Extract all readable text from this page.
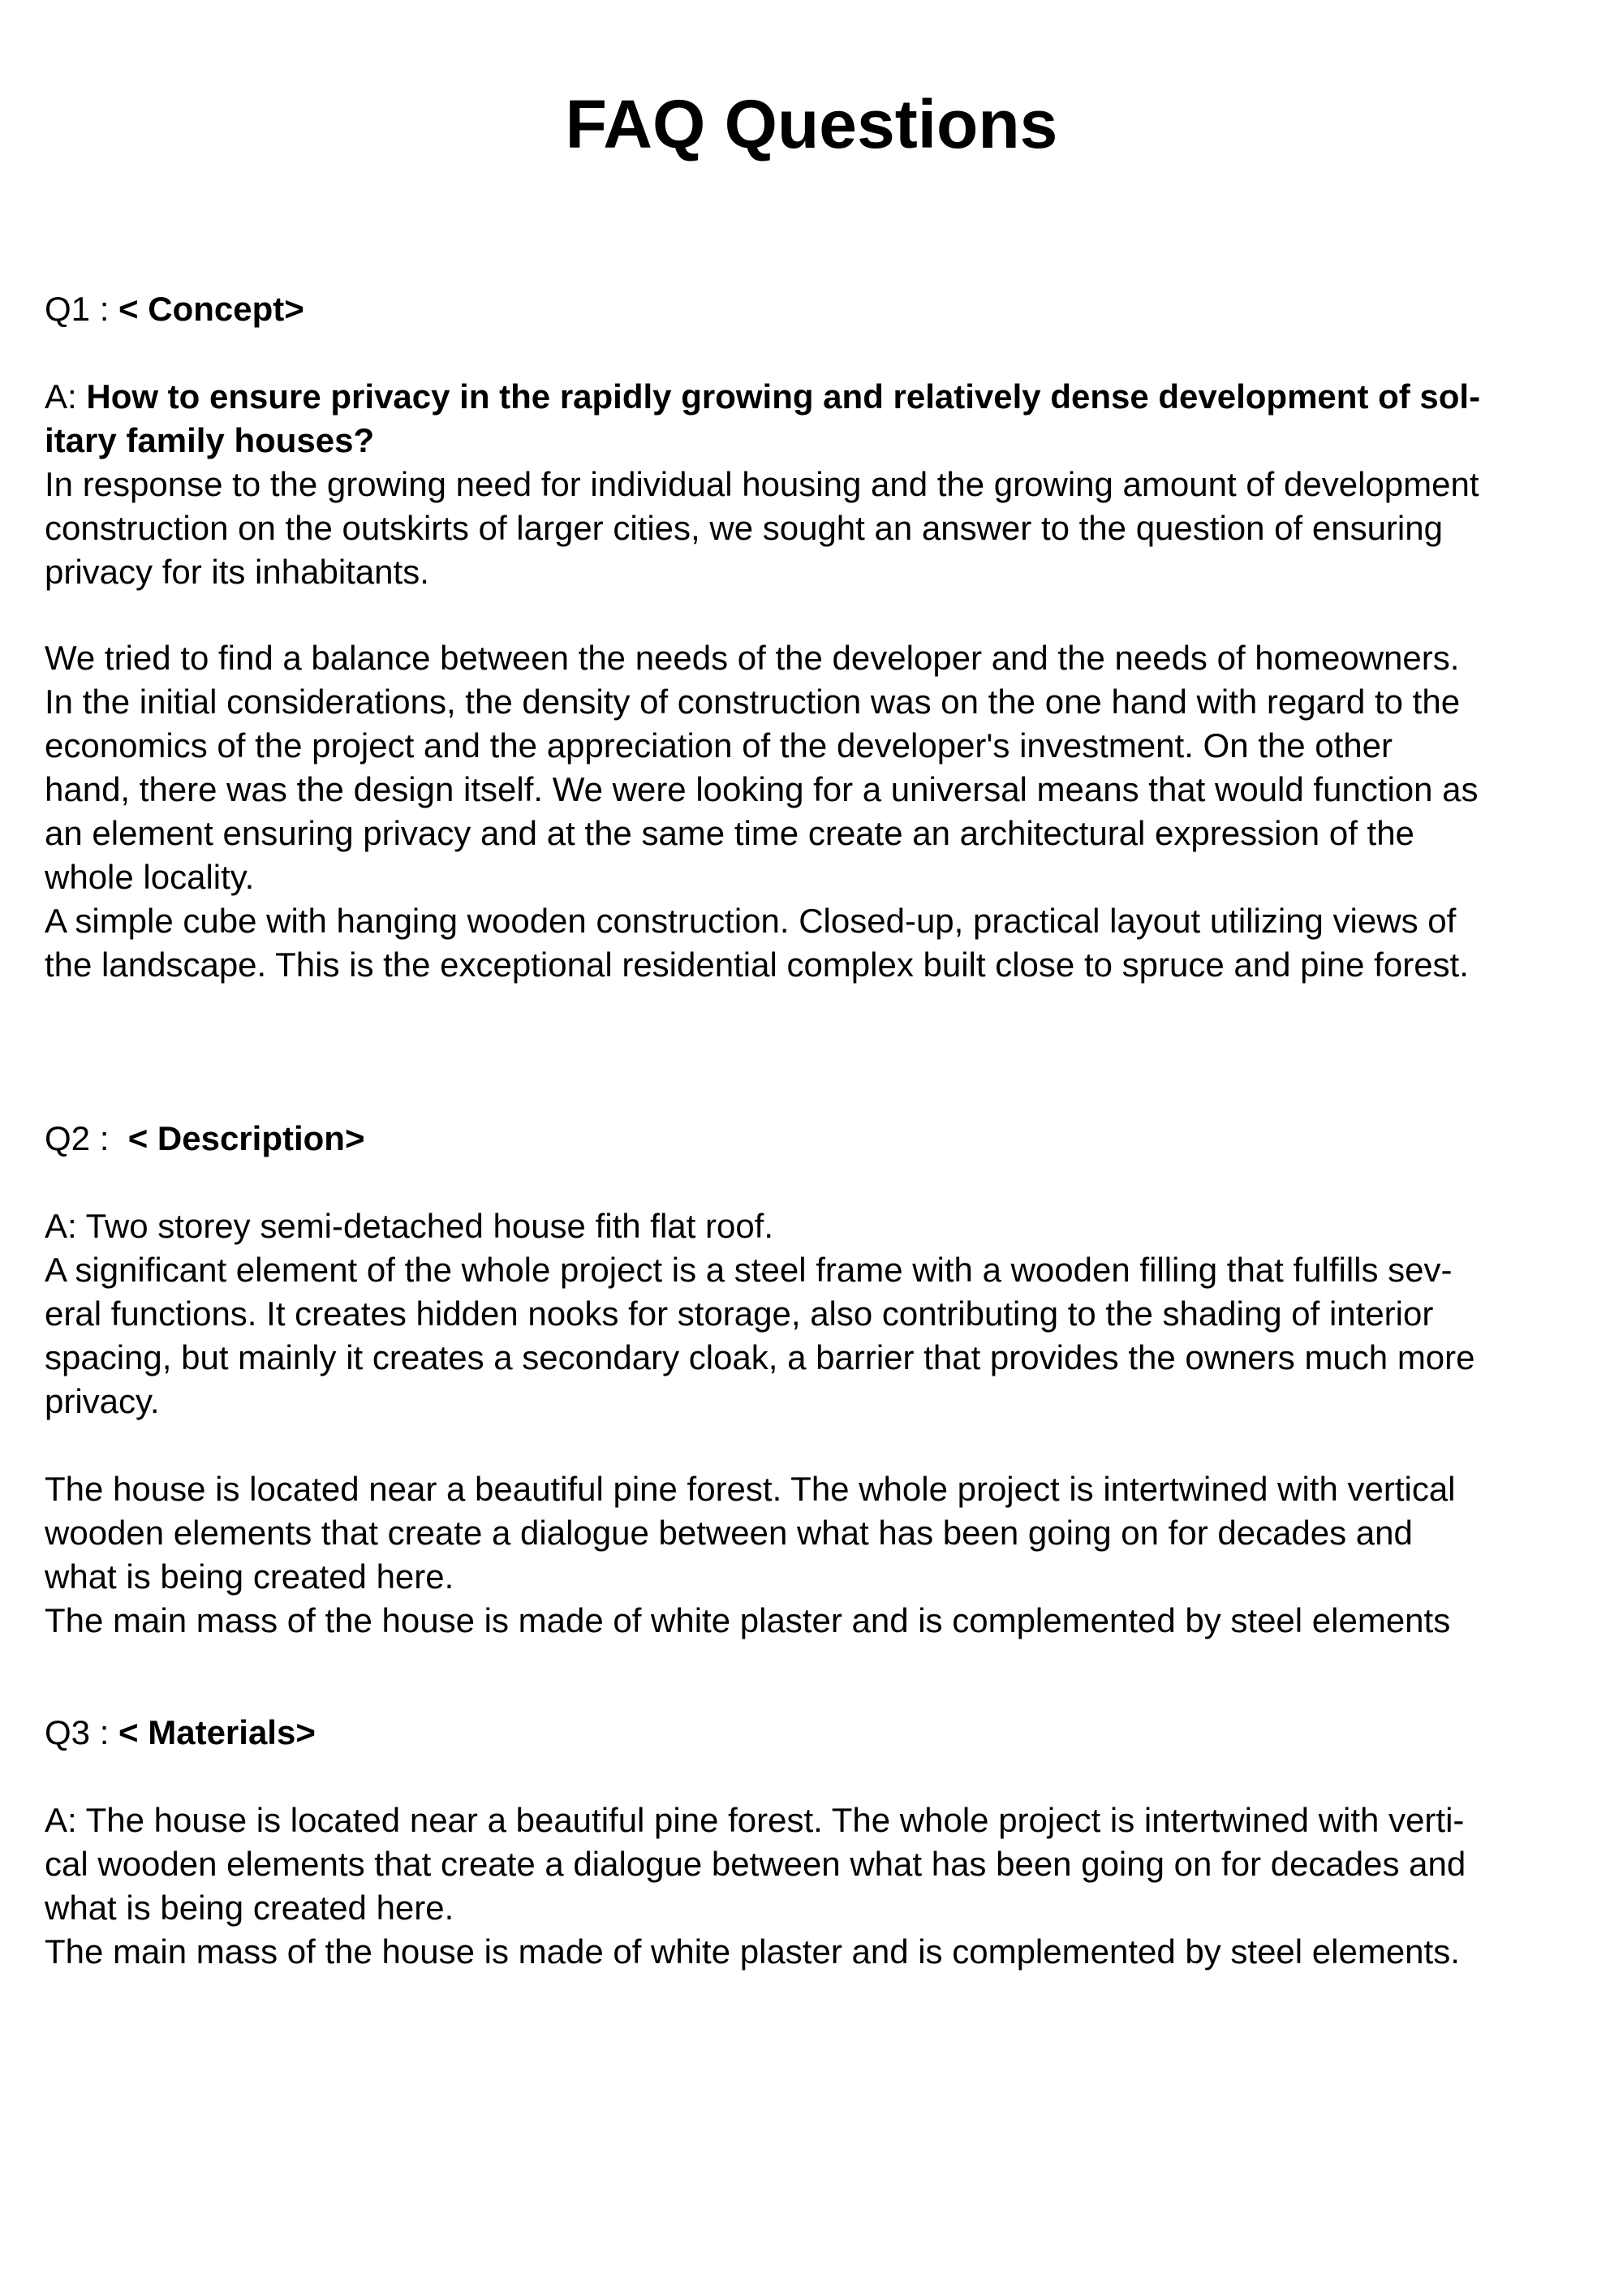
FAQ Questions

Q1 : < Concept>

A: How to ensure privacy in the rapidly growing and relatively dense development of sol-

itary family houses?

In response to the growing need for individual housing and the growing amount of development

construction on the outskirts of larger cities, we sought an answer to the question of ensuring

privacy for its inhabitants.

We tried to find a balance between the needs of the developer and the needs of homeowners.

In the initial considerations, the density of construction was on the one hand with regard to the

economics of the project and the appreciation of the developer's investment. On the other

hand, there was the design itself. We were looking for a universal means that would function as

an element ensuring privacy and at the same time create an architectural expression of the

whole locality.

A simple cube with hanging wooden construction. Closed-up, practical layout utilizing views of

the landscape. This is the exceptional residential complex built close to spruce and pine forest.

Q2 :  < Description>

A: Two storey semi-detached house fith flat roof.

A significant element of the whole project is a steel frame with a wooden filling that fulfills sev-

eral functions. It creates hidden nooks for storage, also contributing to the shading of interior

spacing, but mainly it creates a secondary cloak, a barrier that provides the owners much more

privacy.

The house is located near a beautiful pine forest. The whole project is intertwined with vertical

wooden elements that create a dialogue between what has been going on for decades and

what is being created here.

The main mass of the house is made of white plaster and is complemented by steel elements

Q3 : < Materials>

A: The house is located near a beautiful pine forest. The whole project is intertwined with verti-

cal wooden elements that create a dialogue between what has been going on for decades and

what is being created here.

The main mass of the house is made of white plaster and is complemented by steel elements.
